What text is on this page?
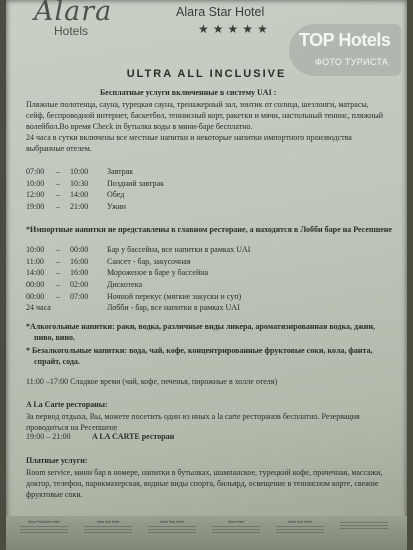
Alara
Hotels
Alara Star Hotel
★★★★★
TOP Hotels
ФОТО ТУРИСТА
ULTRA ALL INCLUSIVE
Бесплатные услуги включенные в систему UAI :
Пляжные полотенца, сауна, турецкая сауна, тренажерный зал, зонтик от солнца, шезлонги, матрасы,
сейф, беспроводной интернет, баскетбол, теннисный корт, ракетки и мячи, настольный теннис, пляжный
волейбол.Во время Check in бутылка воды в мини-баре бесплатно.
24 часа в сутки включены все местные напитки и некоторые напитки импортного производства
выбранные отелем.
07:00 – 10:00 Завтрак
10:00 – 10:30 Поздний завтрак
12:00 – 14:00 Обед
19:00 – 21:00 Ужин
*Импортные напитки не представлены в главном ресторане, а находятся в Лобби баре на Ресепшене
10:00 – 00:00 Бар у бассейна, все напитки в рамках UAI
11:00 – 16:00 Сансет - бар, закусочная
14:00 – 16:00 Мороженое в баре у бассейна
00:00 – 02:00 Дискотека
00:00 – 07:00 Ночной перекус (мягкие закуски и суп)
24 часа	Лобби - бар, все напитки в рамках UAI
*Алкогольные напитки: раки, водка, различные виды ликера, ароматизированная водка, джин,
пиво, вино.
* Безалкогольные напитки: вода, чай, кофе, концентрированные фруктовые соки, кола, фанта,
спрайт, сода.
11:00 –17:00 Сладкое время (чай, кофе, печенья, пирожные в холле отеля)
A La Carte рестораны:
За период отдыха, Вы, можете посетить один из иных а la carte ресторанов бесплатно. Резервация
проводиться на Ресепшене
19:00 – 21:00	A LA CARTE ресторан
Платные услуги:
Room service, мини бар в номере, напитки в бутылках, шампанское, турецкий кофе, прачечная, массажи,
доктор, телефон, парикмахерская, водные виды спорта, бильярд, освещение в теннисном корте, свежие
фруктовые соки.
Alara Park/Alara Hotel	Alara Star Hotel	Alara Park Hotel	Alara Hotel	Alara Kum Hotel
